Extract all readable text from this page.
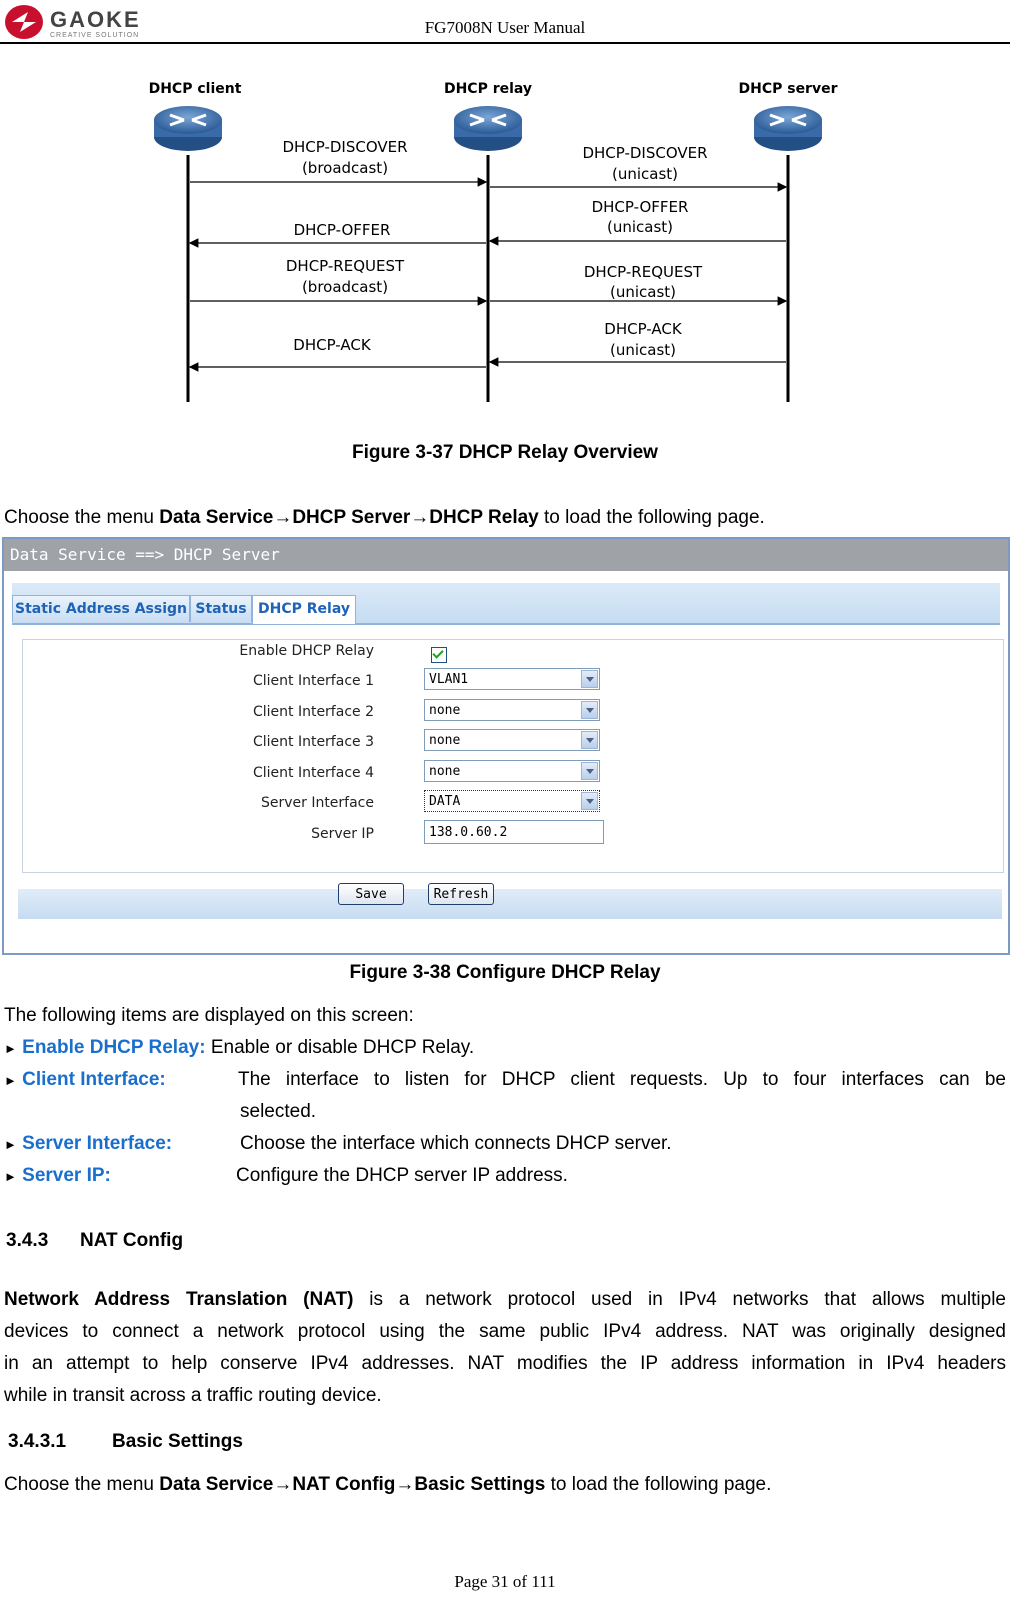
GAOKE
CREATIVE SOLUTION	FG7008N User Manual
DHCP client	DHCP relay	DHCP server
DHCP-DISCOVER
(broadcast)
DHCP-OFFER
DHCP-REQUEST
(broadcast)
DHCP-ACK
DHCP-DISCOVER
(unicast)
DHCP-OFFER
(unicast)
DHCP-REQUEST
(unicast)
DHCP-ACK
(unicast)
Figure 3-37 DHCP Relay Overview
Choose the menu Data Service→DHCP Server→DHCP Relay to load the following page.
Data Service ==> DHCP Server
Static Address Assign Status DHCP Relay
Enable DHCP Relay
Client Interface 1	VLAN1
Client Interface 2	none
Client Interface 3	none
Client Interface 4	none
Server Interface	DATA
Server IP	138.0.60.2
Save	Refresh
Figure 3-38 Configure DHCP Relay
The following items are displayed on this screen:
► Enable DHCP Relay: Enable or disable DHCP Relay.
► Client Interface:	The interface to listen for DHCP client requests. Up to four interfaces can be
selected.
► Server Interface:	Choose the interface which connects DHCP server.
► Server IP:	Configure the DHCP server IP address.
3.4.3 NAT Config
Network Address Translation (NAT) is a network protocol used in IPv4 networks that allows multiple
devices to connect a network protocol using the same public IPv4 address. NAT was originally designed
in an attempt to help conserve IPv4 addresses. NAT modifies the IP address information in IPv4 headers
while in transit across a traffic routing device.
3.4.3.1 Basic Settings
Choose the menu Data Service→NAT Config→Basic Settings to load the following page.
Page 31 of 111
